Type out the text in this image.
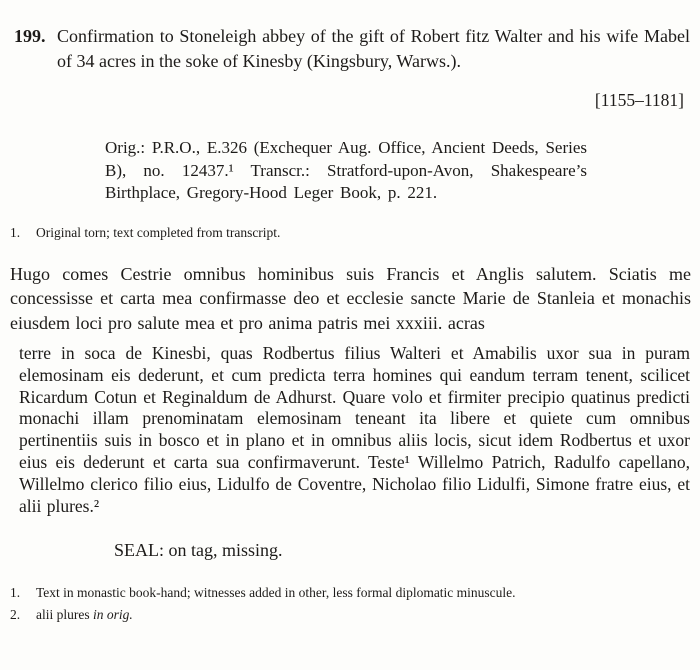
199. Confirmation to Stoneleigh abbey of the gift of Robert fitz Walter and his wife Mabel of 34 acres in the soke of Kinesby (Kingsbury, Warws.).
[1155–1181]
Orig.: P.R.O., E.326 (Exchequer Aug. Office, Ancient Deeds, Series B), no. 12437.¹ Transcr.: Stratford-upon-Avon, Shakespeare’s Birthplace, Gregory-Hood Leger Book, p. 221.
1.	Original torn; text completed from transcript.

Hugo comes Cestrie omnibus hominibus suis Francis et Anglis salutem. Sciatis me concessisse et carta mea confirmasse deo et ecclesie sancte Marie de Stanleia et monachis eiusdem loci pro salute mea et pro anima patris mei xxxiii. acras

terre in soca de Kinesbi, quas Rodbertus filius Walteri et Amabilis uxor sua in puram elemosinam eis dederunt, et cum predicta terra homines qui eandum terram tenent, scilicet Ricardum Cotun et Reginaldum de Adhurst. Quare volo et firmiter precipio quatinus predicti monachi illam prenominatam elemosinam teneant ita libere et quiete cum omnibus pertinentiis suis in bosco et in plano et in omnibus aliis locis, sicut idem Rodbertus et uxor eius eis dederunt et carta sua confirmaverunt. Teste¹ Willelmo Patrich, Radulfo capellano, Willelmo clerico filio eius, Lidulfo de Coventre, Nicholao filio Lidulfi, Simone fratre eius, et alii plures.²

SEAL: on tag, missing.
1.	Text in monastic book-hand; witnesses added in other, less formal diplomatic minuscule.
2.	alii plures in orig.
